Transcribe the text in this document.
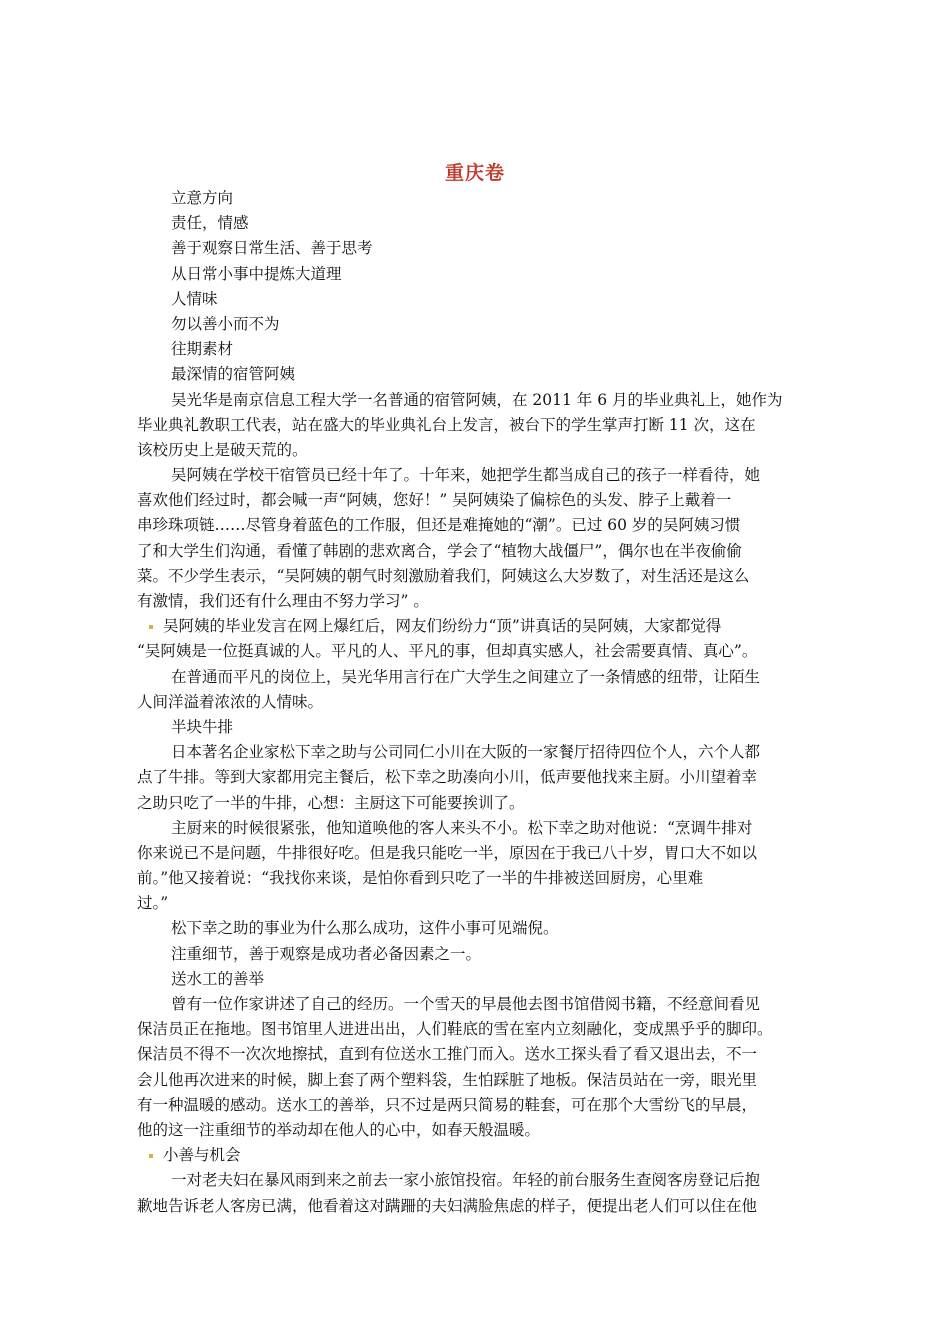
重庆卷
立意方向
责任，情感
善于观察日常生活、善于思考
从日常小事中提炼大道理
人情味
勿以善小而不为
往期素材
最深情的宿管阿姨
吴光华是南京信息工程大学一名普通的宿管阿姨，在 2011 年 6 月的毕业典礼上，她作为
毕业典礼教职工代表，站在盛大的毕业典礼台上发言，被台下的学生掌声打断 11 次，这在
该校历史上是破天荒的。
吴阿姨在学校干宿管员已经十年了。十年来，她把学生都当成自己的孩子一样看待，她
喜欢他们经过时，都会喊一声“阿姨，您好！” 吴阿姨染了偏棕色的头发、脖子上戴着一
串珍珠项链……尽管身着蓝色的工作服，但还是难掩她的“潮”。已过 60 岁的吴阿姨习惯
了和大学生们沟通，看懂了韩剧的悲欢离合，学会了“植物大战僵尸”，偶尔也在半夜偷偷
菜。不少学生表示，“吴阿姨的朝气时刻激励着我们，阿姨这么大岁数了，对生活还是这么
有激情，我们还有什么理由不努力学习” 。
吴阿姨的毕业发言在网上爆红后，网友们纷纷力“顶”讲真话的吴阿姨，大家都觉得
“吴阿姨是一位挺真诚的人。平凡的人、平凡的事，但却真实感人，社会需要真情、真心”。
在普通而平凡的岗位上，吴光华用言行在广大学生之间建立了一条情感的纽带，让陌生
人间洋溢着浓浓的人情味。
半块牛排
日本著名企业家松下幸之助与公司同仁小川在大阪的一家餐厅招待四位个人，六个人都
点了牛排。等到大家都用完主餐后，松下幸之助凑向小川，低声要他找来主厨。小川望着幸
之助只吃了一半的牛排，心想：主厨这下可能要挨训了。
主厨来的时候很紧张，他知道唤他的客人来头不小。松下幸之助对他说：“烹调牛排对
你来说已不是问题，牛排很好吃。但是我只能吃一半，原因在于我已八十岁，胃口大不如以
前。”他又接着说：“我找你来谈，是怕你看到只吃了一半的牛排被送回厨房，心里难
过。”
松下幸之助的事业为什么那么成功，这件小事可见端倪。
注重细节，善于观察是成功者必备因素之一。
送水工的善举
曾有一位作家讲述了自己的经历。一个雪天的早晨他去图书馆借阅书籍，不经意间看见
保洁员正在拖地。图书馆里人进进出出，人们鞋底的雪在室内立刻融化，变成黑乎乎的脚印。
保洁员不得不一次次地擦拭，直到有位送水工推门而入。送水工探头看了看又退出去，不一
会儿他再次进来的时候，脚上套了两个塑料袋，生怕踩脏了地板。保洁员站在一旁，眼光里
有一种温暖的感动。送水工的善举，只不过是两只简易的鞋套，可在那个大雪纷飞的早晨，
他的这一注重细节的举动却在他人的心中，如春天般温暖。
小善与机会
一对老夫妇在暴风雨到来之前去一家小旅馆投宿。年轻的前台服务生查阅客房登记后抱
歉地告诉老人客房已满，他看着这对蹒跚的夫妇满脸焦虑的样子，便提出老人们可以住在他
